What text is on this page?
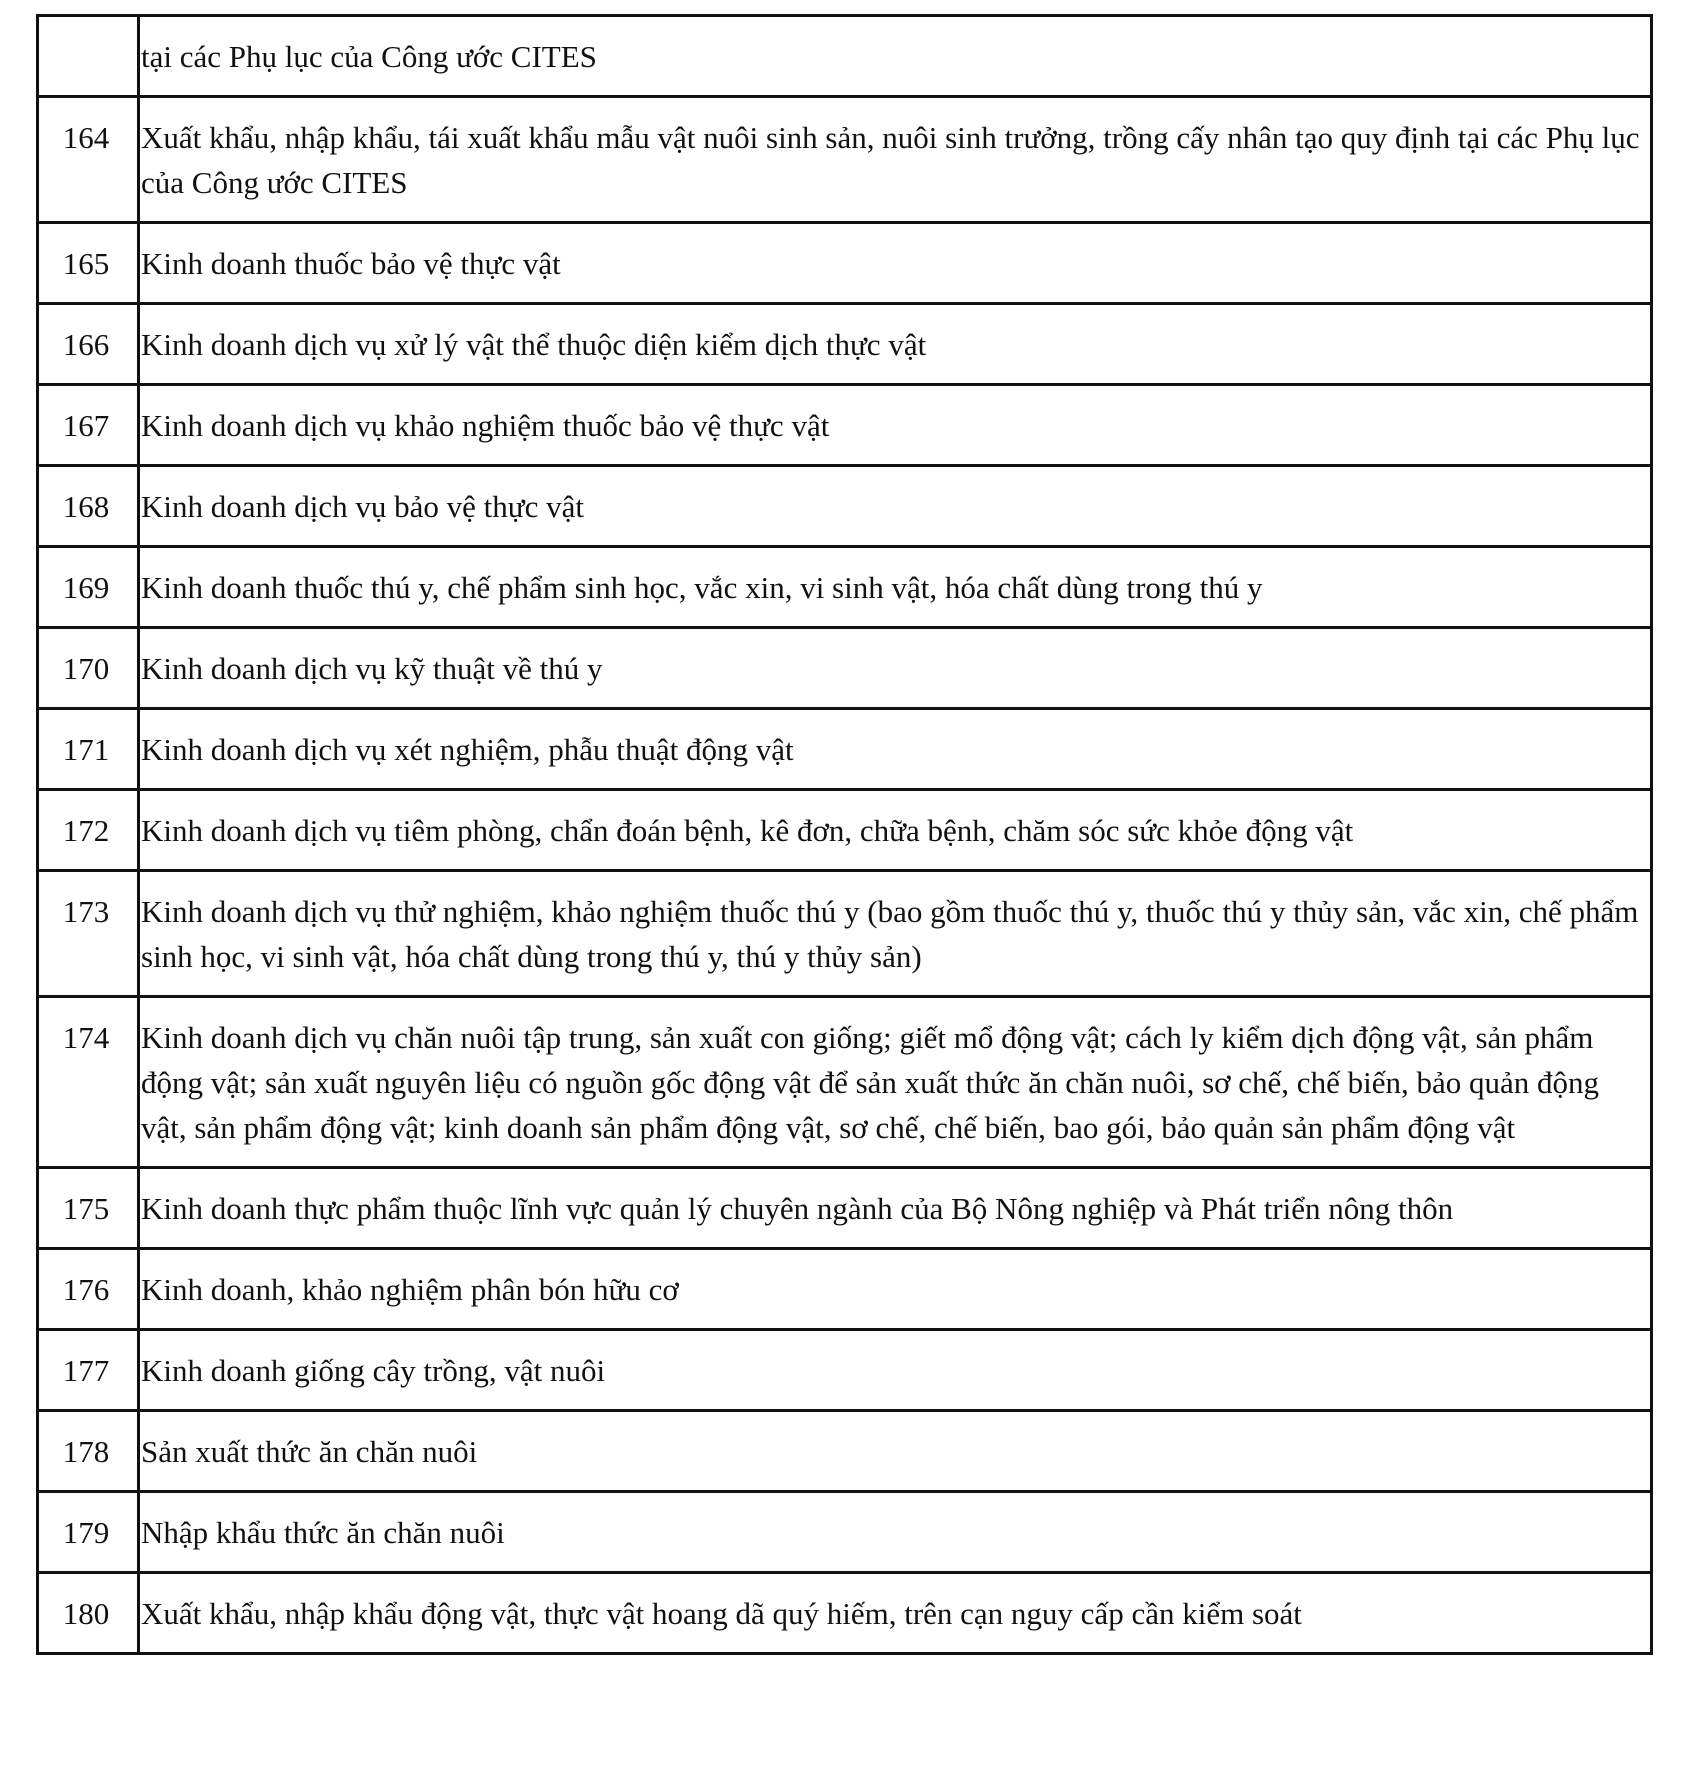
	tại các Phụ lục của Công ước CITES
164	Xuất khẩu, nhập khẩu, tái xuất khẩu mẫu vật nuôi sinh sản, nuôi sinh trưởng, trồng cấy nhân tạo quy định tại các Phụ lục của Công ước CITES
165	Kinh doanh thuốc bảo vệ thực vật
166	Kinh doanh dịch vụ xử lý vật thể thuộc diện kiểm dịch thực vật
167	Kinh doanh dịch vụ khảo nghiệm thuốc bảo vệ thực vật
168	Kinh doanh dịch vụ bảo vệ thực vật
169	Kinh doanh thuốc thú y, chế phẩm sinh học, vắc xin, vi sinh vật, hóa chất dùng trong thú y
170	Kinh doanh dịch vụ kỹ thuật về thú y
171	Kinh doanh dịch vụ xét nghiệm, phẫu thuật động vật
172	Kinh doanh dịch vụ tiêm phòng, chẩn đoán bệnh, kê đơn, chữa bệnh, chăm sóc sức khỏe động vật
173	Kinh doanh dịch vụ thử nghiệm, khảo nghiệm thuốc thú y (bao gồm thuốc thú y, thuốc thú y thủy sản, vắc xin, chế phẩm sinh học, vi sinh vật, hóa chất dùng trong thú y, thú y thủy sản)
174	Kinh doanh dịch vụ chăn nuôi tập trung, sản xuất con giống; giết mổ động vật; cách ly kiểm dịch động vật, sản phẩm động vật; sản xuất nguyên liệu có nguồn gốc động vật để sản xuất thức ăn chăn nuôi, sơ chế, chế biến, bảo quản động vật, sản phẩm động vật; kinh doanh sản phẩm động vật, sơ chế, chế biến, bao gói, bảo quản sản phẩm động vật
175	Kinh doanh thực phẩm thuộc lĩnh vực quản lý chuyên ngành của Bộ Nông nghiệp và Phát triển nông thôn
176	Kinh doanh, khảo nghiệm phân bón hữu cơ
177	Kinh doanh giống cây trồng, vật nuôi
178	Sản xuất thức ăn chăn nuôi
179	Nhập khẩu thức ăn chăn nuôi
180	Xuất khẩu, nhập khẩu động vật, thực vật hoang dã quý hiếm, trên cạn nguy cấp cần kiểm soát
